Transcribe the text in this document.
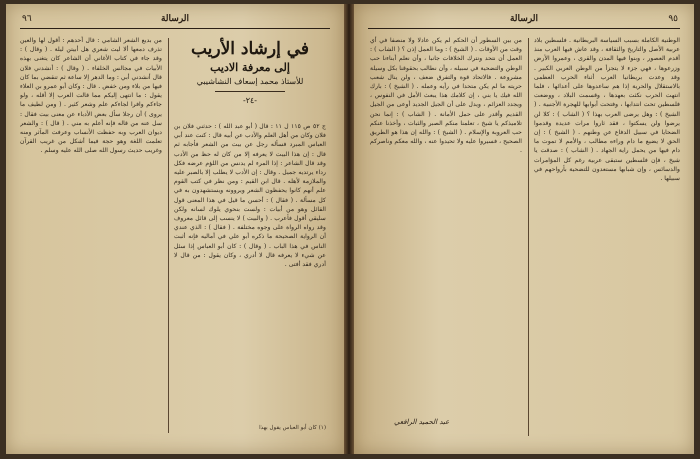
٩٦	الرسالة
في إرشاد الأريب
إلى معرفة الاديب
للأستاذ محمد إسعاف النشاشيبي
-٢٤-

ج ٥٢ ص ١١٥ ل ١١ : قال ( أبو عبد الله ) : حدثني فلان بن فلان وكان من أهل العلم والأدب عن أبيه قال : كنت عند أبي العباس المبرد فسأله رجل عن بيت من الشعر فأجابه ثم قال : إن هذا البيت لا يعرفه إلا من كان له حظ من الأدب وقد قال الشاعر : إذا المرء لم يدنس من اللؤم عرضه فكل رداء يرتديه جميل . وقال : إن الأدب لا يطلب إلا بالصبر عليه والملازمة لأهله . قال ابن القيم : ومن نظر في كتب القوم علم أنهم كانوا يحفظون الشعر ويروونه ويستشهدون به في كل مسألة . ( فقال ) : أحسن ما قيل في هذا المعنى قول القائل وهو من أبيات : ولست بنحوي يلوك لسانه ولكن سليقي أقول فأعرب . ( والبيت ) لا ينسب إلى قائل معروف وقد رواه الرواة على وجوه مختلفة . ( فقال ) : الذي عندي أن الرواية الصحيحة ما ذكره أبو علي في أماليه فإنه أثبت الناس في هذا الباب . ( وقال ) : كان أبو العباس إذا سئل عن شيء لا يعرفه قال لا أدري ، وكان يقول : من قال لا أدري فقد أفتى .

من بديع الشعر الشامي : قال أحدهم : أقول لها والعين تذرف دمعها ألا ليت شعري هل أبيتن ليلة . ( وقال ) : وقد جاء في كتاب الأغاني أن الشاعر كان يتغنى بهذه الأبيات في مجالس الخلفاء . ( وقال ) : أنشدني فلان قال أنشدني أبي : وما الدهر إلا ساعة ثم تنقضي بما كان فيها من بلاء ومن خفض . قال : وكان أبو عمرو بن العلاء يقول : ما انتهى إليكم مما قالت العرب إلا أقله ، ولو جاءكم وافرا لجاءكم علم وشعر كثير . ( ومن لطيف ما يروى ) أن رجلا سأل بعض الأدباء عن معنى بيت فقال : سل عنه من قاله فإنه أعلم به مني . ( قال ) : والشعر ديوان العرب وبه حفظت الأنساب وعرفت المآثر ومنه تعلمت اللغة وهو حجة فيما أشكل من غريب القرآن وغريب حديث رسول الله صلى الله عليه وسلم .

(١) كان أبو العباس يقول بهذا
٩٥
الرسالة

الوطنية الكاملة بسبب السياسة البريطانية . فلسطين بلاد عربية الأصل والتاريخ والثقافة ، وقد عاش فيها العرب منذ أقدم العصور ، وبنوا فيها المدن والقرى ، وعمروا الأرض وزرعوها ، فهي جزء لا يتجزأ من الوطن العربي الكبير . وقد وعدت بريطانيا العرب أثناء الحرب العظمى بالاستقلال والحرية إذا هم ساعدوها على أعدائها ، فلما انتهت الحرب نكثت بعهدها ، وقسمت البلاد ، ووضعت فلسطين تحت انتدابها ، وفتحت أبوابها للهجرة الأجنبية . ( الشيخ ) : وهل يرضى العرب بهذا ؟ ( الشاب ) : كلا لن يرضوا ولن يسكتوا ، فقد ثاروا مرات عديدة وقدموا الضحايا في سبيل الدفاع عن وطنهم . ( الشيخ ) : إن الحق لا يضيع ما دام وراءه مطالب ، والأمم لا تموت ما دام فيها من يحمل راية الجهاد . ( الشاب ) : صدقت يا شيخ ، فإن فلسطين ستبقى عربية رغم كل المؤامرات والدسائس ، وإن شبابها مستعدون للتضحية بأرواحهم في سبيلها .

من بين السطور أن الحكم لم يكن عادلا ولا منصفا في أي وقت من الأوقات . ( الشيخ ) : وما العمل إذن ؟ ( الشاب ) : العمل أن نتحد ونترك الخلافات جانبا ، وأن نعلم أبناءنا حب الوطن والتضحية في سبيله ، وأن نطالب بحقوقنا بكل وسيلة مشروعة . فالاتحاد قوة والتفرق ضعف ، ولن ينال شعب حريته ما لم يكن متحدا في رأيه وعمله . ( الشيخ ) : بارك الله فيك يا بني ، إن كلامك هذا يبعث الأمل في النفوس ، ويجدد العزائم ، ويدل على أن الجيل الجديد أوعى من الجيل القديم وأقدر على حمل الأمانة . ( الشاب ) : إنما نحن تلاميذكم يا شيخ ، تعلمنا منكم الصبر والثبات ، وأخذنا عنكم حب العروبة والإسلام . ( الشيخ ) : والله إن هذا هو الطريق الصحيح ، فسيروا عليه ولا تحيدوا عنه ، والله معكم وناصركم .

عبد الحميد الرافعي
